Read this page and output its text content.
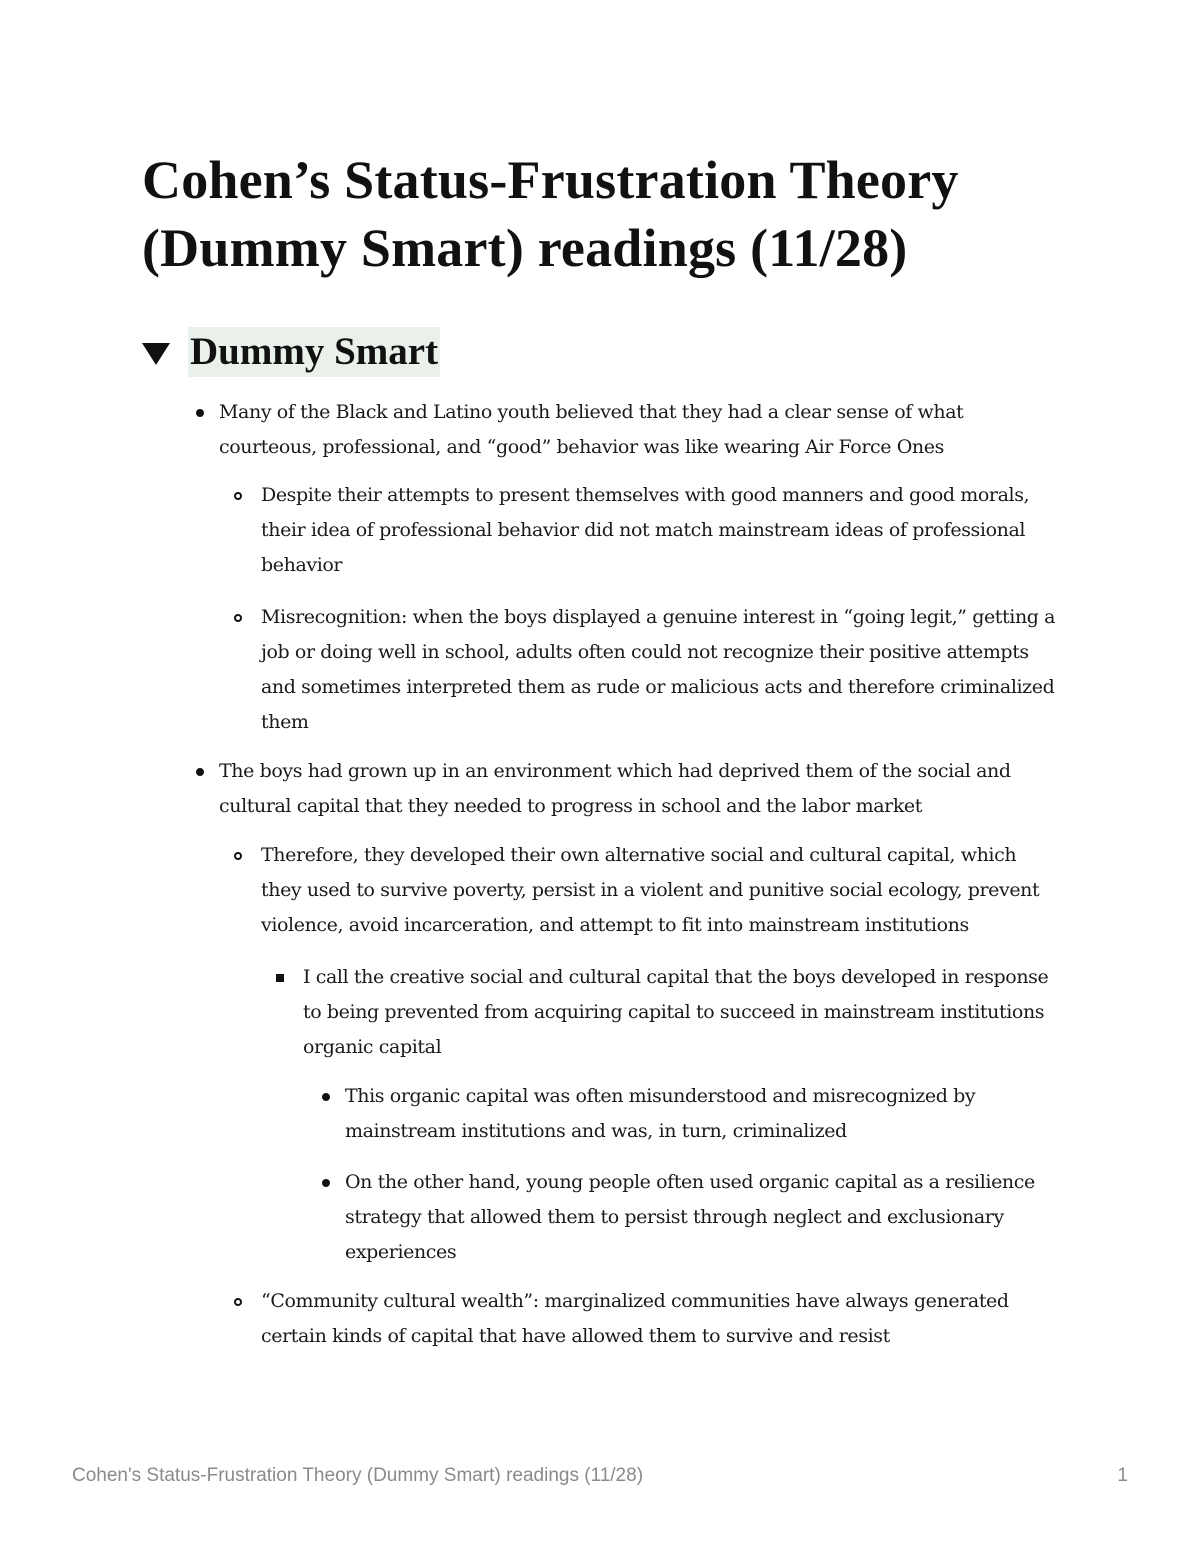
Cohen’s Status-Frustration Theory (Dummy Smart) readings (11/28)
Dummy Smart
Many of the Black and Latino youth believed that they had a clear sense of what courteous, professional, and “good” behavior was like wearing Air Force Ones
Despite their attempts to present themselves with good manners and good morals, their idea of professional behavior did not match mainstream ideas of professional behavior
Misrecognition: when the boys displayed a genuine interest in “going legit,” getting a job or doing well in school, adults often could not recognize their positive attempts and sometimes interpreted them as rude or malicious acts and therefore criminalized them
The boys had grown up in an environment which had deprived them of the social and cultural capital that they needed to progress in school and the labor market
Therefore, they developed their own alternative social and cultural capital, which they used to survive poverty, persist in a violent and punitive social ecology, prevent violence, avoid incarceration, and attempt to fit into mainstream institutions
I call the creative social and cultural capital that the boys developed in response to being prevented from acquiring capital to succeed in mainstream institutions organic capital
This organic capital was often misunderstood and misrecognized by mainstream institutions and was, in turn, criminalized
On the other hand, young people often used organic capital as a resilience strategy that allowed them to persist through neglect and exclusionary experiences
“Community cultural wealth”: marginalized communities have always generated certain kinds of capital that have allowed them to survive and resist
Cohen's Status-Frustration Theory (Dummy Smart) readings (11/28)	1
